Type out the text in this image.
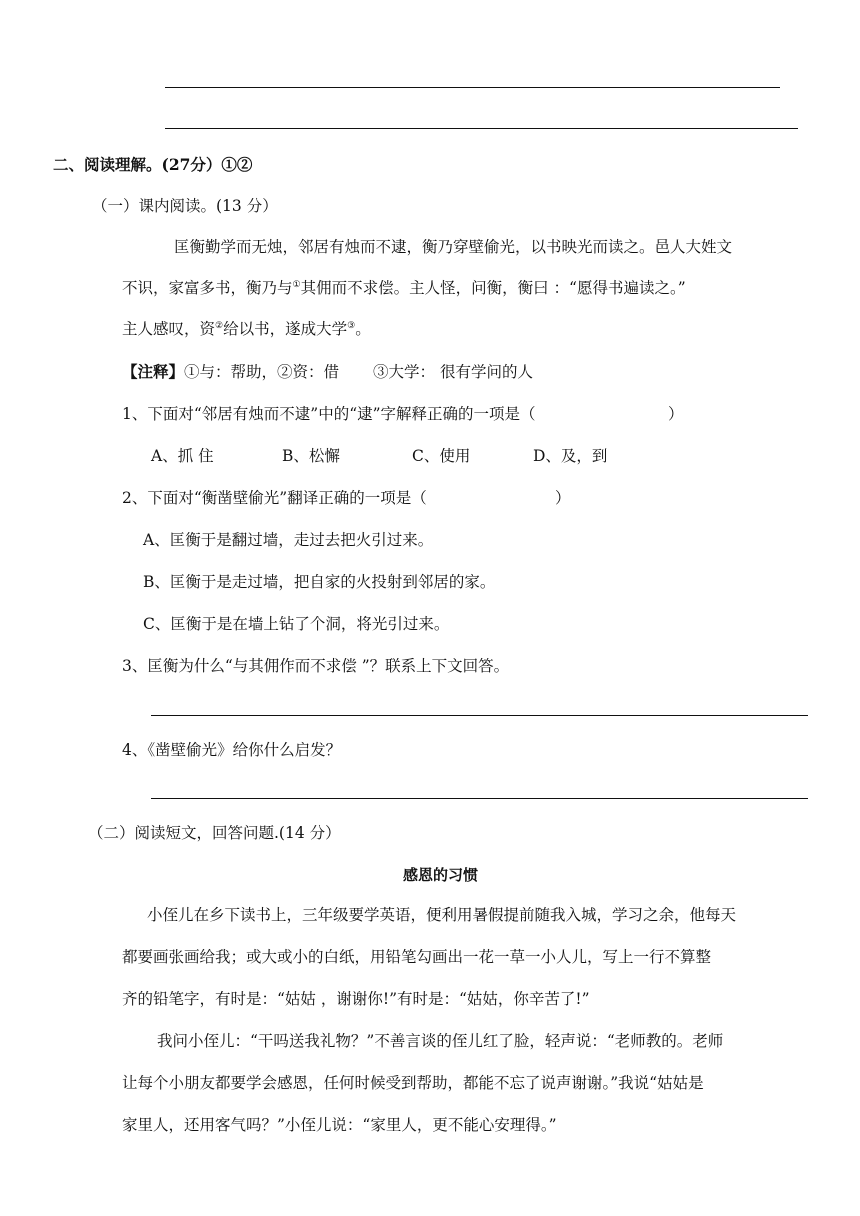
二、阅读理解。(27分）①②
（一）课内阅读。(13 分）
匡衡勤学而无烛，邻居有烛而不逮，衡乃穿壁偷光，以书映光而读之。邑人大姓文
不识，家富多书，衡乃与①其佣而不求偿。主人怪，问衡，衡曰 ：“愿得书遍读之。”
主人感叹，资②给以书，遂成大学③。
【注释】①与：帮助，②资：借 ③大学： 很有学问的人
1、下面对“邻居有烛而不逮”中的“逮”字解释正确的一项是（	）
A、抓 住	B、松懈	C、使用	D、及，到
2、下面对“衡凿壁偷光”翻译正确的一项是（	）
A、匡衡于是翻过墙，走过去把火引过来。
B、匡衡于是走过墙，把自家的火投射到邻居的家。
C、匡衡于是在墙上钻了个洞，将光引过来。
3、匡衡为什么“与其佣作而不求偿 ”？联系上下文回答。
4、《凿壁偷光》给你什么启发？
（二）阅读短文，回答问题.(14 分）
感恩的习惯
小侄儿在乡下读书上，三年级要学英语，便利用暑假提前随我入城，学习之余，他每天
都要画张画给我；或大或小的白纸，用铅笔勾画出一花一草一小人儿，写上一行不算整
齐的铅笔字，有时是：“姑姑 ，谢谢你!”有时是：“姑姑，你辛苦了!”
我问小侄儿：“干吗送我礼物？”不善言谈的侄儿红了脸，轻声说：“老师教的。老师
让每个小朋友都要学会感恩，任何时候受到帮助，都能不忘了说声谢谢。”我说“姑姑是
家里人，还用客气吗？”小侄儿说：“家里人，更不能心安理得。”
